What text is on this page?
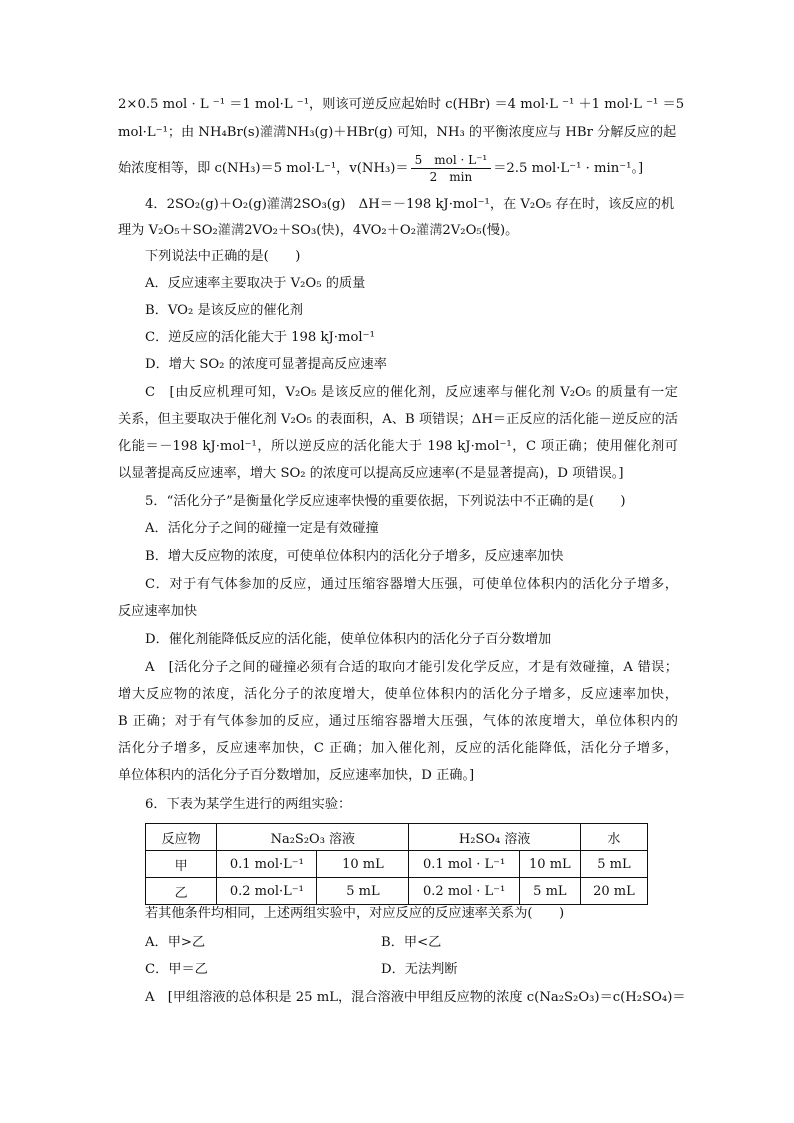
2×0.5 mol · L ⁻¹ ＝1 mol·L ⁻¹，则该可逆反应起始时 c(HBr) ＝4 mol·L ⁻¹ ＋1 mol·L ⁻¹ ＝5
mol·L⁻¹；由 NH₄Br(s)灌溝NH₃(g)＋HBr(g) 可知，NH₃ 的平衡浓度应与 HBr 分解反应的起
始浓度相等，即 c(NH₃)＝5 mol·L⁻¹，$v(NH_3)= \frac{\text{5　mol · L⁻¹}}{2 \min} =2.5$ mol·L⁻¹ · min⁻¹。]
4．2SO₂(g)＋O₂(g)灌溝2SO₃(g)　ΔH＝－198 kJ·mol⁻¹，在 V₂O₅ 存在时，该反应的机
理为 V₂O₅＋SO₂灌溝2VO₂＋SO₃(快)，4VO₂＋O₂灌溝2V₂O₅(慢)。
下列说法中正确的是(　　)
A．反应速率主要取决于 V₂O₅ 的质量
B．VO₂ 是该反应的催化剂
C．逆反应的活化能大于 198 kJ·mol⁻¹
D．增大 SO₂ 的浓度可显著提高反应速率
C　[由反应机理可知，V₂O₅ 是该反应的催化剂，反应速率与催化剂 V₂O₅ 的质量有一定
关系，但主要取决于催化剂 V₂O₅ 的表面积，A、B 项错误；ΔH＝正反应的活化能－逆反应的活
化能＝－198 kJ·mol⁻¹，所以逆反应的活化能大于 198 kJ·mol⁻¹，C 项正确；使用催化剂可
以显著提高反应速率，增大 SO₂ 的浓度可以提高反应速率(不是显著提高)，D 项错误。]
5．“活化分子”是衡量化学反应速率快慢的重要依据，下列说法中不正确的是(　　)
A．活化分子之间的碰撞一定是有效碰撞
B．增大反应物的浓度，可使单位体积内的活化分子增多，反应速率加快
C．对于有气体参加的反应，通过压缩容器增大压强，可使单位体积内的活化分子增多，
反应速率加快
D．催化剂能降低反应的活化能，使单位体积内的活化分子百分数增加
A　[活化分子之间的碰撞必须有合适的取向才能引发化学反应，才是有效碰撞，A 错误；
增大反应物的浓度，活化分子的浓度增大，使单位体积内的活化分子增多，反应速率加快，
B 正确；对于有气体参加的反应，通过压缩容器增大压强，气体的浓度增大，单位体积内的
活化分子增多，反应速率加快，C 正确；加入催化剂，反应的活化能降低，活化分子增多，
单位体积内的活化分子百分数增加，反应速率加快，D 正确。]
6．下表为某学生进行的两组实验：
反应物	Na₂S₂O₃ 溶液		H₂SO₄ 溶液		水
甲	0.1 mol·L⁻¹	10 mL	0.1 mol · L⁻¹	10 mL	5 mL
乙	0.2 mol·L⁻¹	5 mL	0.2 mol · L⁻¹	5 mL	20 mL
若其他条件均相同，上述两组实验中，对应反应的反应速率关系为(　　)
A．甲>乙	B．甲<乙
C．甲＝乙	D．无法判断
A　[甲组溶液的总体积是 25 mL，混合溶液中甲组反应物的浓度 c(Na₂S₂O₃)＝c(H₂SO₄)＝
